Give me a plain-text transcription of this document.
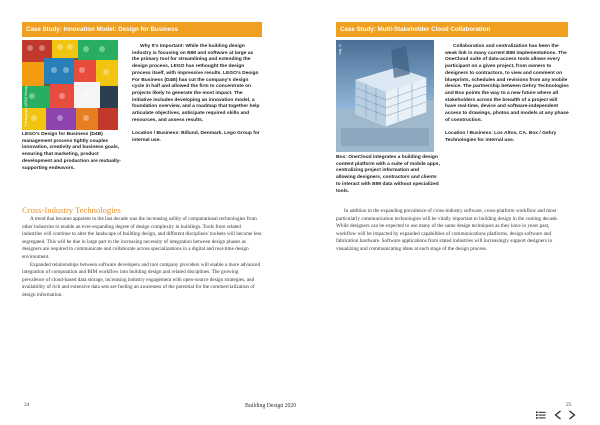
Case Study: Innovation Model: Design for Business
Photograph: LEGO Group
LEGO's Design for Business (D4B) management process tightly couples innovation, creativity and business goals, ensuring that marketing, product development and production are mutually-supporting endeavors.

Why It's Important: While the building design industry is focusing on BIM and software at large as the primary tool for streamlining and extending the design process, LEGO has rethought the design process itself, with impressive results. LEGO's Design For Business (D4B) has cut the company's design cycle in half and allowed the firm to concentrate on projects likely to generate the most impact. The initiative includes developing an innovation model, a foundation overview, and a roadmap that together help articulate objectives, anticipate required skills and resources, and assess results.

Location / Business: Billund, Denmark. Lego Group for internal use.

Cross-Industry Technologies

A trend that became apparent in the last decade was the increasing utility of computational technologies from other industries to enable an ever-expanding degree of design complexity in buildings. Tools from related industries will continue to alter the landscape of building design, and different disciplines' toolsets will become less segregated. This will be due in large part to the increasing necessity of integration between design phases as designers are required to communicate and collaborate across specializations in a digital and real-time design environment.

Expanded relationships between software developers and tool company providers will enable a more advanced integration of computation and BIM workflow into building design and related disciplines. The growing prevalence of cloud-based data storage, increasing industry engagement with open-source design strategies, and availability of rich and extensive data sets are fueling an awareness of the potential for the commercialization of design information.

24
Case Study: Multi-Stakeholder Cloud Collaboration
© Box
Box: OneCloud integrates a building design content platform with a suite of mobile apps, centralizing project information and allowing designers, contractors and clients to interact with BIM data without specialized tools.

Collaboration and centralization has been the weak link in many current BIM implementations. The OneCloud suite of data-access tools allows every participant on a given project, from owners to designers to contractors, to view and comment on blueprints, schedules and revisions from any mobile device. The partnership between Gehry Technologies and Box points the way to a new future where all stakeholders across the breadth of a project will have real-time, device and software-independent access to drawings, photos and models at any phase of construction.

Location / Business: Los Altos, CA. Box / Gehry Technologies for internal use.

In addition to the expanding prevalence of cross-industry software, cross-platform workflow and most particularly communication technologies will be vitally important to building design in the coming decade. While designers can be expected to use many of the same design techniques as they have in years past, workflow will be impacted by expanded capabilities of communications platforms, design software and fabrication hardware. Software applications from stated industries will increasingly support designers in visualizing and communicating ideas at each stage of the design process.

25
Building Design 2020
